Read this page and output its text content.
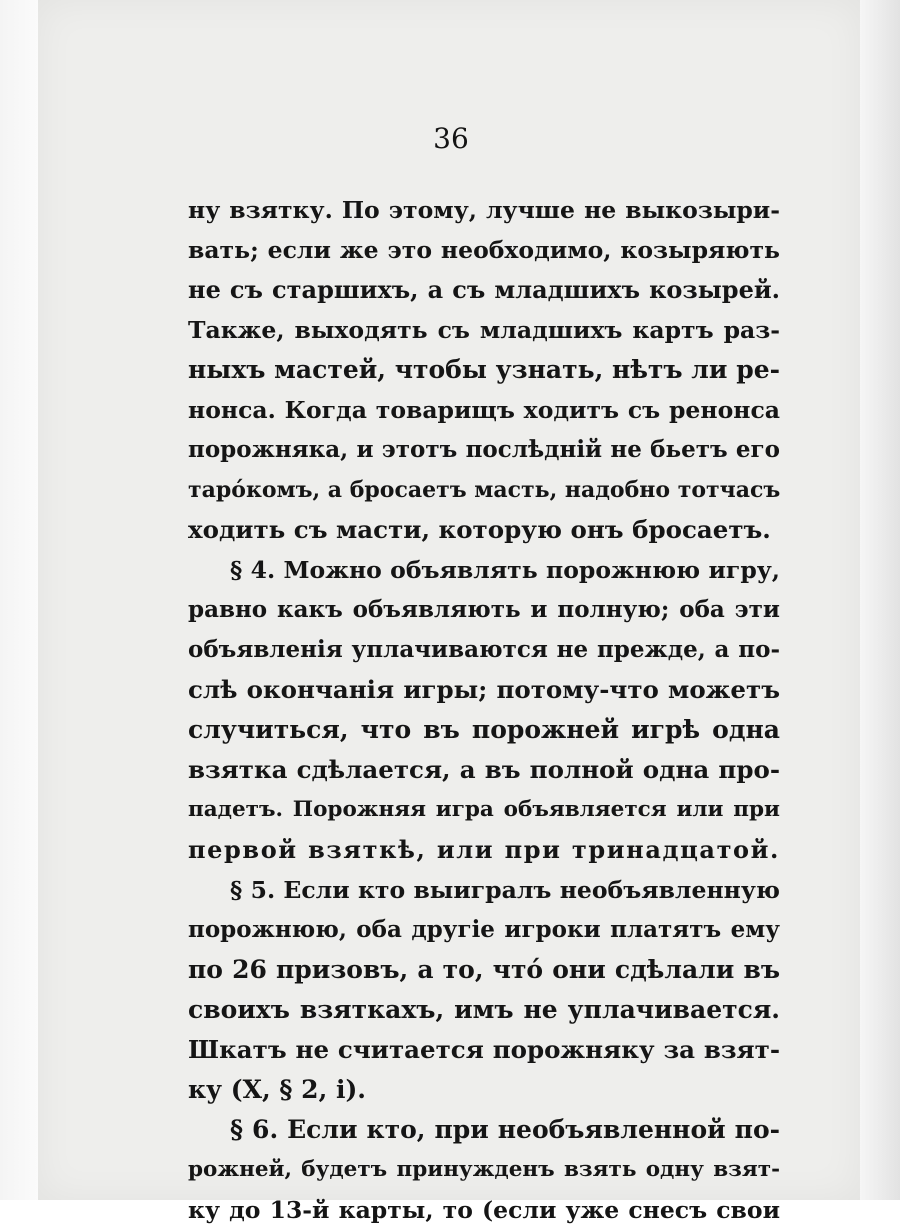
36
ну взятку. По этому, лучше не выкозыри-
вать; если же это необходимо, козыряють
не съ старшихъ, а съ младшихъ козырей.
Также, выходять съ младшихъ картъ раз-
ныхъ мастей, чтобы узнать, нѣтъ ли ре-
нонса. Когда товарищъ ходитъ съ ренонса
порожняка, и этотъ послѣдній не бьетъ его
таро́комъ, а бросаетъ масть, надобно тотчасъ
ходить съ масти, которую онъ бросаетъ.
§ 4. Можно объявлять порожнюю игру,
равно какъ объявляють и полную; оба эти
объявленія уплачиваются не прежде, а по-
слѣ окончанія игры; потому-что можетъ
случиться, что въ порожней игрѣ одна
взятка сдѣлается, а въ полной одна про-
падетъ. Порожняя игра объявляется или при
первой взяткѣ, или при тринадцатой.
§ 5. Если кто выигралъ необъявленную
порожнюю, оба другіе игроки платятъ ему
по 26 призовъ, а то, что́ они сдѣлали въ
своихъ взяткахъ, имъ не уплачивается.
Шкатъ не считается порожняку за взят-
ку (X, § 2, i).
§ 6. Если кто, при необъявленной по-
рожней, будетъ принужденъ взять одну взят-
ку до 13-й карты, то (если уже снесъ свои
